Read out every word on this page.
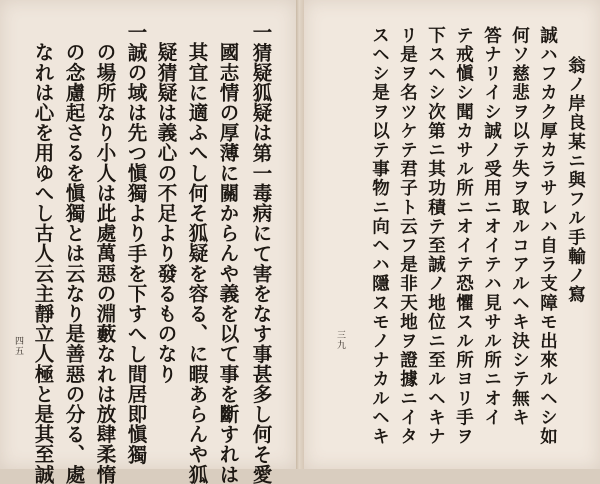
一猜疑狐疑は第一毒病にて害をなす事甚多し何そ愛
國志情の厚薄に關からんや義を以て事を斷すれは
其宜に適ふへし何そ狐疑を容る、に暇あらんや狐
疑猜疑は義心の不足より發るものなり
一誠の域は先つ愼獨より手を下すへし間居即愼獨
の場所なり小人は此處萬惡の淵藪なれは放肆柔惰
の念慮起さるを愼獨とは云なり是善惡の分る、處
なれは心を用ゆへし古人云主靜立人極と是其至誠
四五
翁ノ岸良某ニ與フル手輸ノ寫
誠ハフカク厚カラサレハ自ラ支障モ出來ルヘシ如
何ソ慈悲ヲ以テ失ヲ取ルコアルヘキ決シテ無キ
答ナリイシ誠ノ受用ニオイテハ見サル所ニオイ
テ戒愼シ聞カサル所ニオイテ恐懼スル所ヨリ手ヲ
下スヘシ次第ニ其功積テ至誠ノ地位ニ至ルヘキナ
リ是ヲ名ツケテ君子ト云フ是非天地ヲ證據ニイタ
スヘシ是ヲ以テ事物ニ向ヘハ隱スモノナカルヘキ
三九
